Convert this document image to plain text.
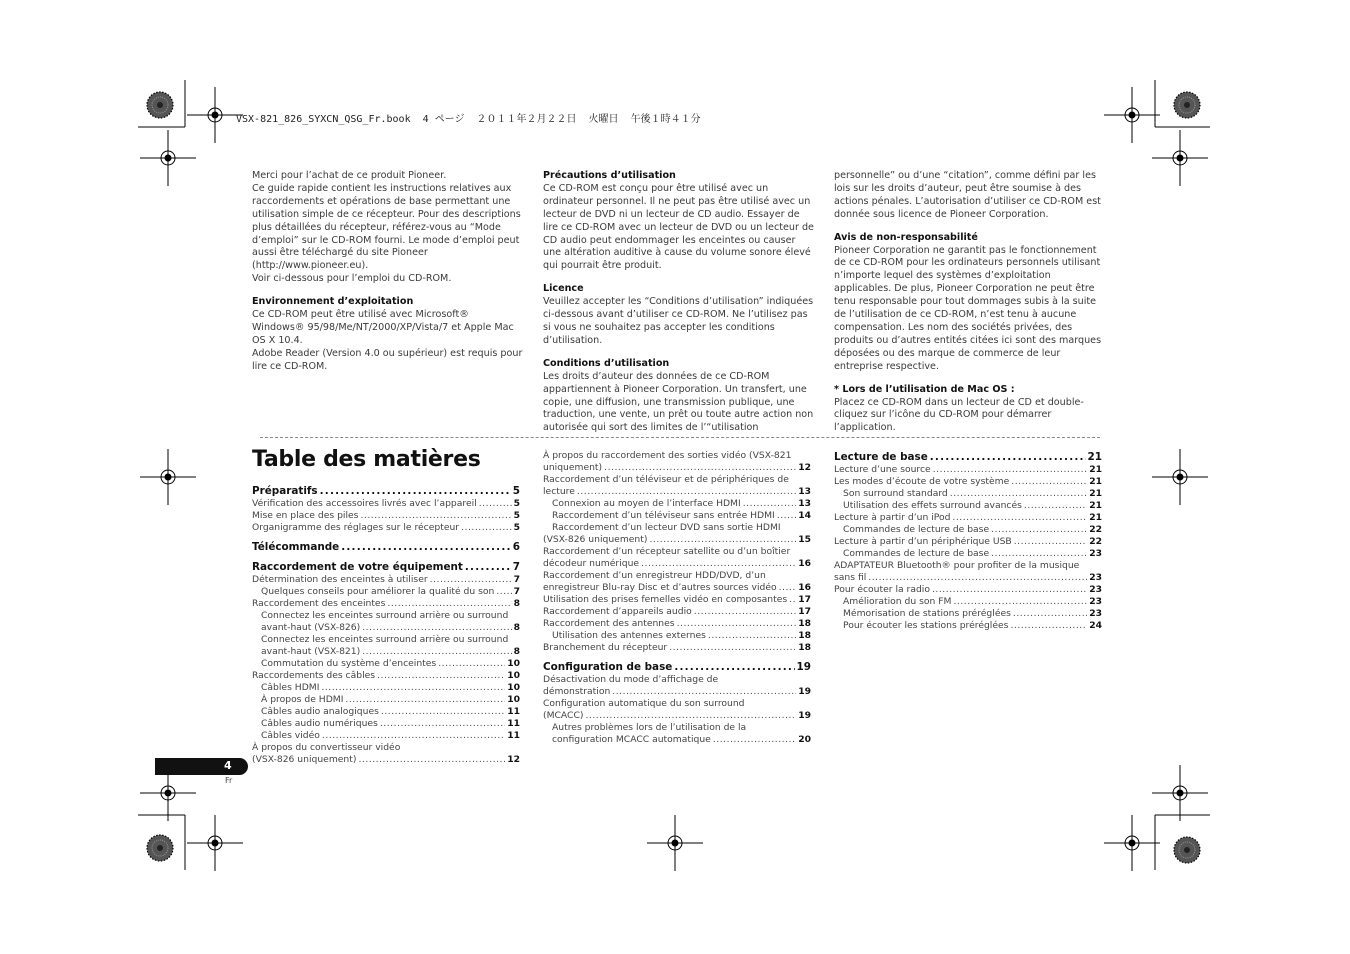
VSX-821_826_SYXCN_QSG_Fr.book  4 ページ  ２０１１年２月２２日  火曜日  午後１時４１分

Merci pour l’achat de ce produit Pioneer.

Ce guide rapide contient les instructions relatives aux raccordements et opérations de base permettant une utilisation simple de ce récepteur. Pour des descriptions plus détaillées du récepteur, référez-vous au “Mode d’emploi” sur le CD-ROM fourni. Le mode d’emploi peut aussi être téléchargé du site Pioneer (http://www.pioneer.eu).

Voir ci-dessous pour l’emploi du CD-ROM.

Environnement d’exploitation

Ce CD-ROM peut être utilisé avec Microsoft® Windows® 95/98/Me/NT/2000/XP/Vista/7 et Apple Mac OS X 10.4.

Adobe Reader (Version 4.0 ou supérieur) est requis pour lire ce CD-ROM.

Précautions d’utilisation

Ce CD-ROM est conçu pour être utilisé avec un ordinateur personnel. Il ne peut pas être utilisé avec un lecteur de DVD ni un lecteur de CD audio. Essayer de lire ce CD-ROM avec un lecteur de DVD ou un lecteur de CD audio peut endommager les enceintes ou causer une altération auditive à cause du volume sonore élevé qui pourrait être produit.

Licence

Veuillez accepter les “Conditions d’utilisation” indiquées ci-dessous avant d’utiliser ce CD-ROM. Ne l’utilisez pas si vous ne souhaitez pas accepter les conditions d’utilisation.

Conditions d’utilisation

Les droits d’auteur des données de ce CD-ROM appartiennent à Pioneer Corporation. Un transfert, une copie, une diffusion, une transmission publique, une traduction, une vente, un prêt ou toute autre action non autorisée qui sort des limites de l’“utilisation

personnelle” ou d’une “citation”, comme défini par les lois sur les droits d’auteur, peut être soumise à des actions pénales. L’autorisation d’utiliser ce CD-ROM est donnée sous licence de Pioneer Corporation.

Avis de non-responsabilité

Pioneer Corporation ne garantit pas le fonctionnement de ce CD-ROM pour les ordinateurs personnels utilisant n’importe lequel des systèmes d’exploitation applicables. De plus, Pioneer Corporation ne peut être tenu responsable pour tout dommages subis à la suite de l’utilisation de ce CD-ROM, n’est tenu à aucune compensation. Les nom des sociétés privées, des produits ou d’autres entités citées ici sont des marques déposées ou des marque de commerce de leur entreprise respective.

* Lors de l’utilisation de Mac OS :

Placez ce CD-ROM dans un lecteur de CD et double-cliquez sur l’icône du CD-ROM pour démarrer l’application.

Table des matières
Préparatifs . . .	5
Vérification des accessoires livrés avec l’appareil . . .	5
Mise en place des piles . . .	5
Organigramme des réglages sur le récepteur . . .	5
Télécommande . . .	6
Raccordement de votre équipement . . .	7
Détermination des enceintes à utiliser . . .	7
Quelques conseils pour améliorer la qualité du son . . . 7
Raccordement des enceintes . . .	8
Connectez les enceintes surround arrière ou surround
avant-haut (VSX-826) . . .	8
Connectez les enceintes surround arrière ou surround
avant-haut (VSX-821) . . .	8
Commutation du système d’enceintes . . .	10
Raccordements des câbles . . .	10
Câbles HDMI . . .	10
À propos de HDMI . . .	10
Câbles audio analogiques . . .	11
Câbles audio numériques . . .	11
Câbles vidéo . . .	11
À propos du convertisseur vidéo
(VSX-826 uniquement) . . .	12
À propos du raccordement des sorties vidéo (VSX-821
uniquement) . . .	12
Raccordement d’un téléviseur et de périphériques de
lecture . . .	13
Connexion au moyen de l’interface HDMI . . .	13
Raccordement d’un téléviseur sans entrée HDMI . . .	14
Raccordement d’un lecteur DVD sans sortie HDMI
(VSX-826 uniquement) . . .	15
Raccordement d’un récepteur satellite ou d’un boîtier
décodeur numérique . . .	16
Raccordement d’un enregistreur HDD/DVD, d’un
enregistreur Blu-ray Disc et d’autres sources vidéo . . . 16
Utilisation des prises femelles vidéo en composantes . . . 17
Raccordement d’appareils audio . . .	17
Raccordement des antennes . . .	18
Utilisation des antennes externes . . .	18
Branchement du récepteur . . .	18
Configuration de base . . .	19
Désactivation du mode d’affichage de
démonstration . . .	19
Configuration automatique du son surround
(MCACC) . . .	19
Autres problèmes lors de l’utilisation de la
configuration MCACC automatique . . .	20
Lecture de base . . .	21
Lecture d’une source . . .	21
Les modes d’écoute de votre système . . .	21
Son surround standard . . .	21
Utilisation des effets surround avancés . . .	21
Lecture à partir d’un iPod . . .	21
Commandes de lecture de base . . .	22
Lecture à partir d’un périphérique USB . . .	22
Commandes de lecture de base . . .	23
ADAPTATEUR Bluetooth® pour profiter de la musique
sans fil . . .	23
Pour écouter la radio . . .	23
Amélioration du son FM . . .	23
Mémorisation de stations préréglées . . .	23
Pour écouter les stations préréglées . . .	24
4
Fr
